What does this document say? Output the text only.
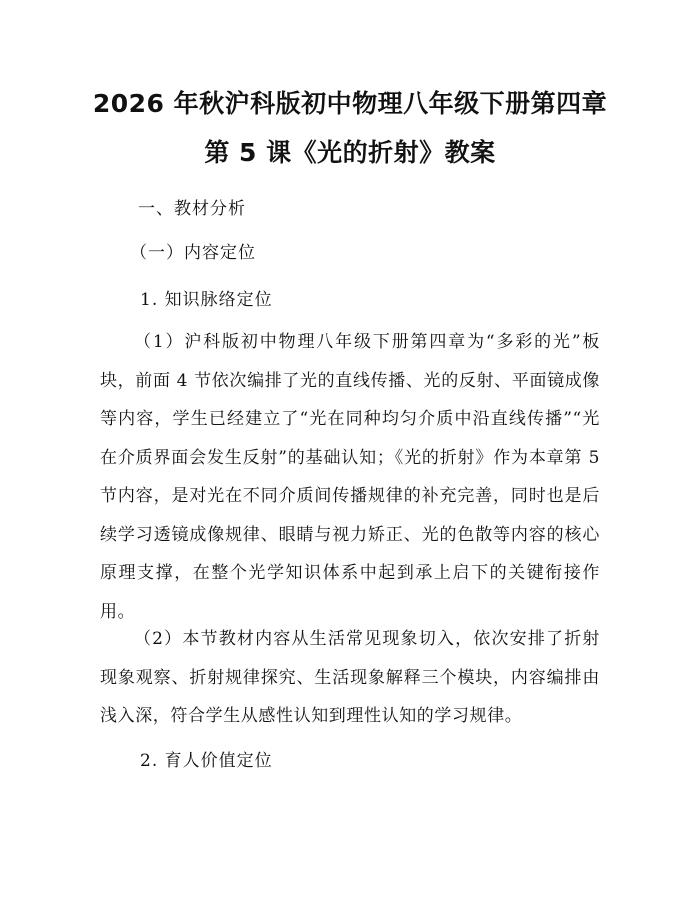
2026 年秋沪科版初中物理八年级下册第四章
第 5 课《光的折射》教案
一、教材分析
（一）内容定位
1. 知识脉络定位
（1）沪科版初中物理八年级下册第四章为“多彩的光”板块，前面 4 节依次编排了光的直线传播、光的反射、平面镜成像等内容，学生已经建立了“光在同种均匀介质中沿直线传播”“光在介质界面会发生反射”的基础认知；《光的折射》作为本章第 5 节内容，是对光在不同介质间传播规律的补充完善，同时也是后续学习透镜成像规律、眼睛与视力矫正、光的色散等内容的核心原理支撑，在整个光学知识体系中起到承上启下的关键衔接作用。
（2）本节教材内容从生活常见现象切入，依次安排了折射现象观察、折射规律探究、生活现象解释三个模块，内容编排由浅入深，符合学生从感性认知到理性认知的学习规律。
2. 育人价值定位
